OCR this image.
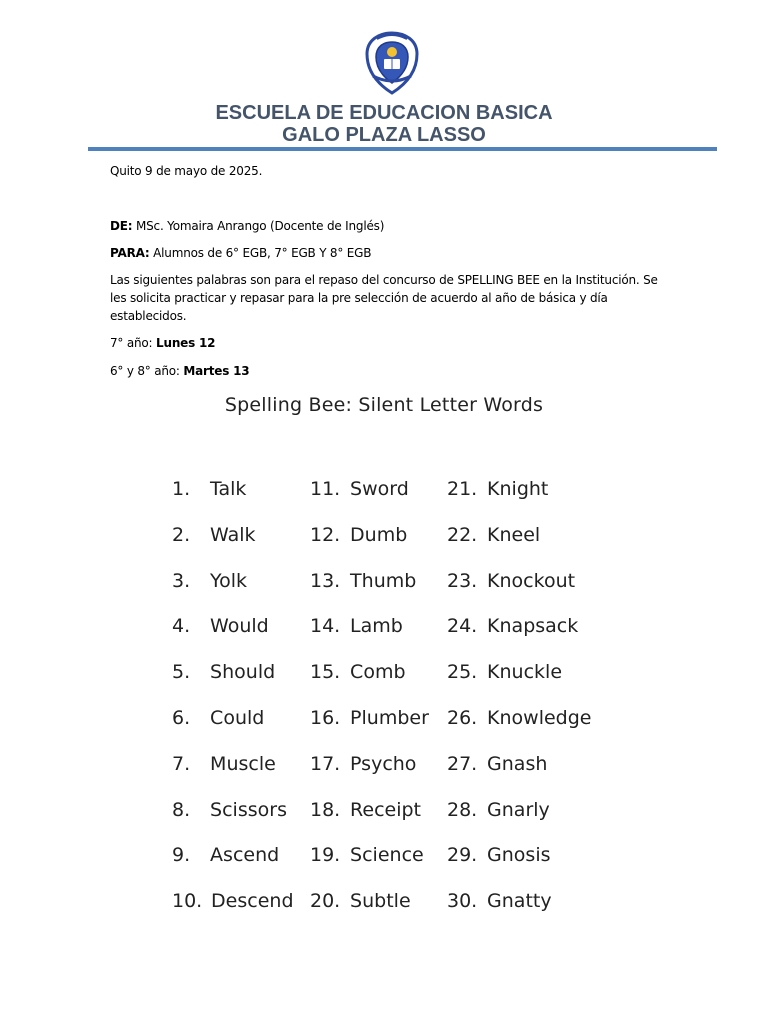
ESCUELA DE EDUCACION BASICA
GALO PLAZA LASSO
Quito 9 de mayo de 2025.
DE: MSc. Yomaira Anrango (Docente de Inglés)
PARA: Alumnos de 6° EGB, 7° EGB Y 8° EGB
Las siguientes palabras son para el repaso del concurso de SPELLING BEE en la Institución. Se
les solicita practicar y repasar para la pre selección de acuerdo al año de básica y día
establecidos.
7° año: Lunes 12
6° y 8° año: Martes 13
Spelling Bee: Silent Letter Words
1. Talk
2. Walk
3. Yolk
4. Would
5. Should
6. Could
7. Muscle
8. Scissors
9. Ascend
10. Descend
11. Sword
12. Dumb
13. Thumb
14. Lamb
15. Comb
16. Plumber
17. Psycho
18. Receipt
19. Science
20. Subtle
21. Knight
22. Kneel
23. Knockout
24. Knapsack
25. Knuckle
26. Knowledge
27. Gnash
28. Gnarly
29. Gnosis
30. Gnatty
